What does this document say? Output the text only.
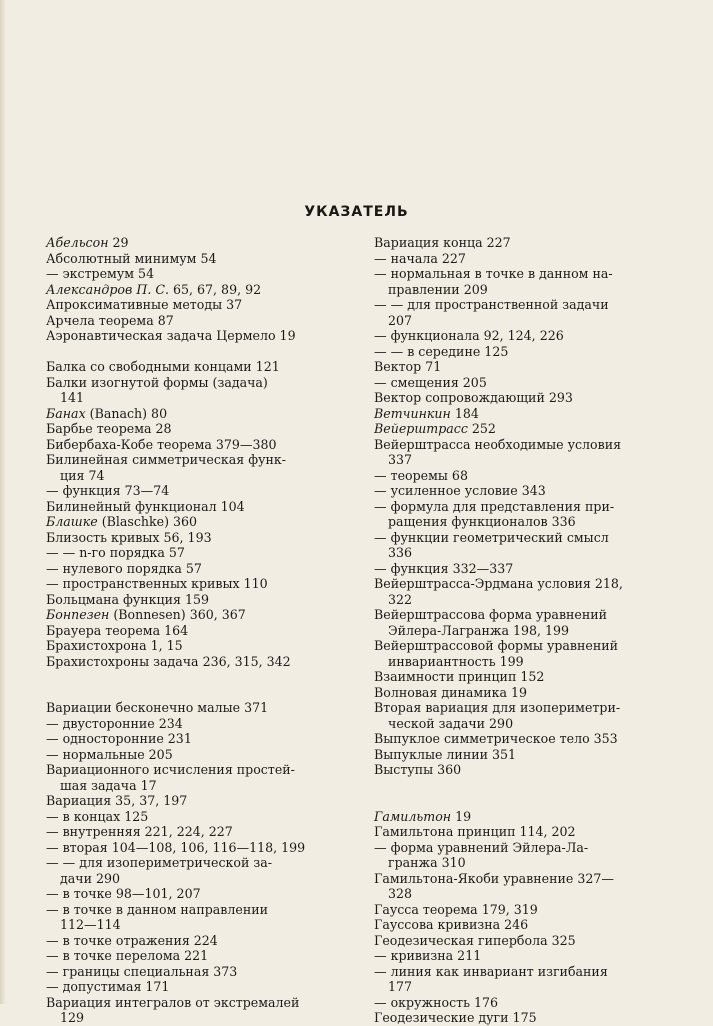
УКАЗАТЕЛЬ
Абельсон 29
Абсолютный минимум 54
— экстремум 54
Александров П. С. 65, 67, 89, 92
Апроксимативные методы 37
Арчела теорема 87
Аэронавтическая задача Цермело 19
Балка со свободными концами 121
Балки изогнутой формы (задача)
141
Банах (Banach) 80
Барбье теорема 28
Бибербаха-Кобе теорема 379—380
Билинейная симметрическая функ-
ция 74
— функция 73—74
Билинейный функционал 104
Блашке (Blaschke) 360
Близость кривых 56, 193
— — n-го порядка 57
— нулевого порядка 57
— пространственных кривых 110
Больцмана функция 159
Бонnезен (Bonnesen) 360, 367
Брауера теорема 164
Брахистохрона 1, 15
Брахистохроны задача 236, 315, 342
Вариации бесконечно малые 371
— двусторонние 234
— односторонние 231
— нормальные 205
Вариационного исчисления простей-
шая задача 17
Вариация 35, 37, 197
— в концах 125
— внутренняя 221, 224, 227
— вторая 104—108, 106, 116—118, 199
— — для изопериметрической за-
дачи 290
— в точке 98—101, 207
— в точке в данном направлении
112—114
— в точке отражения 224
— в точке перелома 221
— границы специальная 373
— допустимая 171
Вариация интегралов от экстремалей
129
Вариация конца 227
— начала 227
— нормальная в точке в данном на-
правлении 209
— — для пространственной задачи
207
— функционала 92, 124, 226
— — в середине 125
Вектор 71
— смещения 205
Вектор сопровождающий 293
Ветчинкин 184
Вейерштрасс 252
Вейерштрасса необходимые условия
337
— теоремы 68
— усиленное условие 343
— формула для представления при-
ращения функционалов 336
— функции геометрический смысл
336
— функция 332—337
Вейерштрасса-Эрдмана условия 218,
322
Вейерштрассова форма уравнений
Эйлера-Лагранжа 198, 199
Вейерштрассовой формы уравнений
инвариантность 199
Взаимности принцип 152
Волновая динамика 19
Вторая вариация для изопериметри-
ческой задачи 290
Выпуклое симметрическое тело 353
Выпуклые линии 351
Выступы 360
Гамильтон 19
Гамильтона принцип 114, 202
— форма уравнений Эйлера-Ла-
гранжа 310
Гамильтона-Якоби уравнение 327—
328
Гаусса теорема 179, 319
Гауссова кривизна 246
Геодезическая гипербола 325
— кривизна 211
— линия как инвариант изгибания
177
— окружность 176
Геодезические дуги 175
